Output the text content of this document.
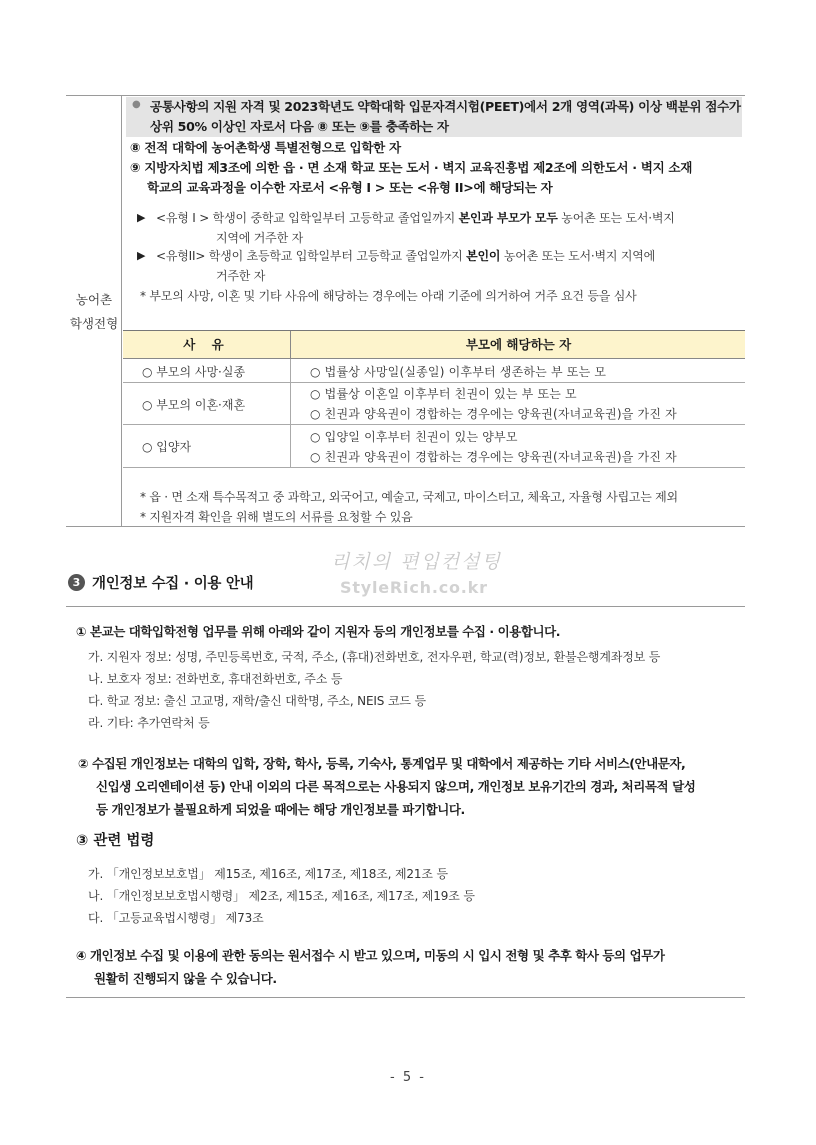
농어촌
학생전형
● 공통사항의 지원 자격 및 2023학년도 약학대학 입문자격시험(PEET)에서 2개 영역(과목) 이상 백분위 점수가 상위 50% 이상인 자로서 다음 ⑧ 또는 ⑨를 충족하는 자
⑧ 전적 대학에 농어촌학생 특별전형으로 입학한 자
⑨ 지방자치법 제3조에 의한 읍 · 면 소재 학교 또는 도서 · 벽지 교육진흥법 제2조에 의한도서 · 벽지 소재
학교의 교육과정을 이수한 자로서 <유형 I > 또는 <유형 II>에 해당되는 자
▶ <유형 I > 학생이 중학교 입학일부터 고등학교 졸업일까지 본인과 부모가 모두 농어촌 또는 도서·벽지
지역에 거주한 자
▶ <유형II> 학생이 초등학교 입학일부터 고등학교 졸업일까지 본인이 농어촌 또는 도서·벽지 지역에
거주한 자
* 부모의 사망, 이혼 및 기타 사유에 해당하는 경우에는 아래 기준에 의거하여 거주 요건 등을 심사
사 유	부모에 해당하는 자
○ 부모의 사망·실종	○ 법률상 사망일(실종일) 이후부터 생존하는 부 또는 모
○ 부모의 이혼·재혼
○ 법률상 이혼일 이후부터 친권이 있는 부 또는 모
○ 친권과 양육권이 경합하는 경우에는 양육권(자녀교육권)을 가진 자
○ 입양자
○ 입양일 이후부터 친권이 있는 양부모
○ 친권과 양육권이 경합하는 경우에는 양육권(자녀교육권)을 가진 자
* 읍 · 면 소재 특수목적고 중 과학고, 외국어고, 예술고, 국제고, 마이스터고, 체육고, 자율형 사립고는 제외
* 지원자격 확인을 위해 별도의 서류를 요청할 수 있음
리치의 편입컨설팅
StyleRich.co.kr
3 개인정보 수집 · 이용 안내
① 본교는 대학입학전형 업무를 위해 아래와 같이 지원자 등의 개인정보를 수집 · 이용합니다.
가. 지원자 정보: 성명, 주민등록번호, 국적, 주소, (휴대)전화번호, 전자우편, 학교(력)정보, 환불은행계좌정보 등
나. 보호자 정보: 전화번호, 휴대전화번호, 주소 등
다. 학교 정보: 출신 고교명, 재학/출신 대학명, 주소, NEIS 코드 등
라. 기타: 추가연락처 등
② 수집된 개인정보는 대학의 입학, 장학, 학사, 등록, 기숙사, 통계업무 및 대학에서 제공하는 기타 서비스(안내문자,
신입생 오리엔테이션 등) 안내 이외의 다른 목적으로는 사용되지 않으며, 개인정보 보유기간의 경과, 처리목적 달성
등 개인정보가 불필요하게 되었을 때에는 해당 개인정보를 파기합니다.
③ 관련 법령
가. 「개인정보보호법」 제15조, 제16조, 제17조, 제18조, 제21조 등
나. 「개인정보보호법시행령」 제2조, 제15조, 제16조, 제17조, 제19조 등
다. 「고등교육법시행령」 제73조
④ 개인정보 수집 및 이용에 관한 동의는 원서접수 시 받고 있으며, 미동의 시 입시 전형 및 추후 학사 등의 업무가
원활히 진행되지 않을 수 있습니다.
- 5 -
